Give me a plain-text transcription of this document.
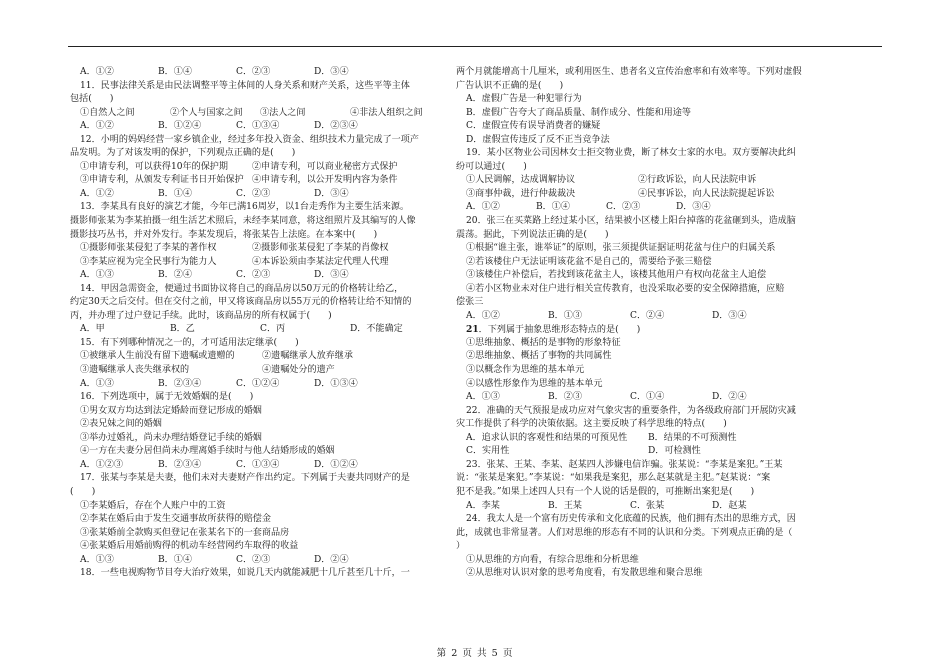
A．①②	B．①④	C．②③	D．③④
11．民事法律关系是由民法调整平等主体间的人身关系和财产关系，这些平等主体
包括(　　)
①自然人之间	②个人与国家之间	③法人之间	④非法人组织之间
A．①②	B．①②④	C．①③④	D．②③④
12．小明的妈妈经营一家乡镇企业，经过多年投入资金、组织技术力量完成了一项产
品发明。为了对该发明的保护，下列观点正确的是(　　)
①申请专利，可以获得10年的保护期	②申请专利，可以商业秘密方式保护
③申请专利，从颁发专利证书日开始保护 ④申请专利，以公开发明内容为条件
A．①②	B．①④	C．②③	D．③④
13．李某具有良好的演艺才能，今年已满16周岁，以1台走秀作为主要生活来源。
摄影师张某为李某拍摄一组生活艺术照后，未经李某同意，将这组照片及其编写的人像
摄影技巧丛书，并对外发行。李某发现后，将张某告上法庭。在本案中(　　)
①摄影师张某侵犯了李某的著作权	②摄影师张某侵犯了李某的肖像权
③李某应视为完全民事行为能力人	④本诉讼须由李某法定代理人代理
A．①③	B．②④	C．②③	D．③④
14．甲因急需资金，便通过书面协议将自己的商品房以50万元的价格转让给乙，
约定30天之后交付。但在交付之前，甲又将该商品房以55万元的价格转让给不知情的
丙，并办理了过户登记手续。此时，该商品房的所有权属于(　　)
A．甲	B．乙	C．丙	D．不能确定
15．有下列哪种情况之一的，才可适用法定继承(　　)
①被继承人生前没有留下遗嘱或遗赠的	②遗嘱继承人放弃继承
③遗嘱继承人丧失继承权的	④遗嘱处分的遗产
A．①③	B．②③④	C．①②④	D．①③④
16．下列选项中，属于无效婚姻的是(　　)
①男女双方均达到法定婚龄而登记形成的婚姻
②表兄妹之间的婚姻
③举办过婚礼，尚未办理结婚登记手续的婚姻
④一方在夫妻分居但尚未办理离婚手续时与他人结婚形成的婚姻
A．①②③	B．②③④	C．①③④	D．①②④
17．张某与李某是夫妻，他们未对夫妻财产作出约定。下列属于夫妻共同财产的是
(　　)
①李某婚后，存在个人账户中的工资
②李某在婚后由于发生交通事故所获得的赔偿金
③张某婚前全款购买但登记在张某名下的一套商品房
④张某婚后用婚前购得的机动车经营网约车取得的收益
A．①③	B．①④	C．②③	D．②④
18．一些电视购物节目夸大治疗效果，如说几天内就能减肥十几斤甚至几十斤，一
两个月就能增高十几厘米，或利用医生、患者名义宣传治愈率和有效率等。下列对虚假
广告认识不正确的是(　　)
A．虚假广告是一种犯罪行为
B．虚假广告夸大了商品质量、制作成分、性能和用途等
C．虚假宣传有误导消费者的嫌疑
D．虚假宣传违反了反不正当竞争法
19．某小区物业公司因林女士拒交物业费，断了林女士家的水电。双方要解决此纠
纷可以通过(　　)
①人民调解，达成调解协议	②行政诉讼，向人民法院申诉
③商事仲裁，进行仲裁裁决	④民事诉讼，向人民法院提起诉讼
A．①②	B．①④	C．②③	D．③④
20．张三在买菜路上经过某小区，结果被小区楼上阳台掉落的花盆砸到头，造成脑
震荡。据此，下列说法正确的是(　　)
①根据“谁主张，谁举证”的原则，张三须提供证据证明花盆与住户的归属关系
②若该楼住户无法证明该花盆不是自己的，需要给予张三赔偿
③该楼住户补偿后，若找到该花盆主人，该楼其他用户有权向花盆主人追偿
④若小区物业未对住户进行相关宣传教育，也没采取必要的安全保障措施，应赔
偿张三
A．①②	B．①③	C．②④	D．③④
21．下列属于抽象思维形态特点的是(　　)
①思维抽象、概括的是事物的形象特征
②思维抽象、概括了事物的共同属性
③以概念作为思维的基本单元
④以感性形象作为思维的基本单元
A．①③	B．②③	C．①④	D．②④
22．准确的天气预报是成功应对气象灾害的重要条件，为各级政府部门开展防灾减
灾工作提供了科学的决策依据。这主要反映了科学思维的特点(　　)
A．追求认识的客观性和结果的可预见性	B．结果的不可预测性
C．实用性	D．可检测性
23．张某、王某、李某、赵某四人涉嫌电信诈骗。张某说：“李某是案犯。”王某
说：“张某是案犯。”李某说：“如果我是案犯，那么赵某就是主犯。”赵某说：“案
犯不是我。”如果上述四人只有一个人说的话是假的，可推断出案犯是(　　)
A．李某	B．王某	C．张某	D．赵某
24．我太人是一个富有历史传承和文化底蕴的民族，他们拥有杰出的思维方式，因
此，成就也非常显著。人们对思维的形态有不同的认识和分类。下列观点正确的是（
）
①从思维的方向看，有综合思维和分析思维
②从思维对认识对象的思考角度看，有发散思维和聚合思维
第 2 页 共 5 页
